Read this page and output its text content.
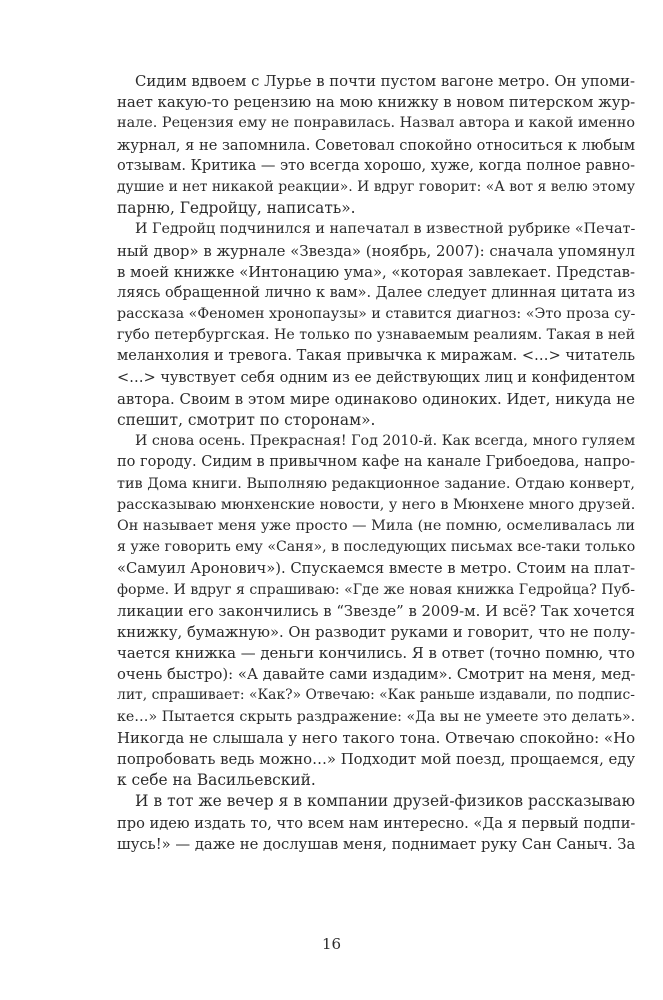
Сидим вдвоем с Лурье в почти пустом вагоне метро. Он упоми-
нает какую-то рецензию на мою книжку в новом питерском жур-
нале. Рецензия ему не понравилась. Назвал автора и какой именно
журнал, я не запомнила. Советовал спокойно относиться к любым
отзывам. Критика — это всегда хорошо, хуже, когда полное равно-
душие и нет никакой реакции». И вдруг говорит: «А вот я велю этому
парню, Гедройцу, написать».
И Гедройц подчинился и напечатал в известной рубрике «Печат-
ный двор» в журнале «Звезда» (ноябрь, 2007): сначала упомянул
в моей книжке «Интонацию ума», «которая завлекает. Представ-
ляясь обращенной лично к вам». Далее следует длинная цитата из
рассказа «Феномен хронопаузы» и ставится диагноз: «Это проза су-
губо петербургская. Не только по узнаваемым реалиям. Такая в ней
меланхолия и тревога. Такая привычка к миражам. <…> читатель
<…> чувствует себя одним из ее действующих лиц и конфидентом
автора. Своим в этом мире одинаково одиноких. Идет, никуда не
спешит, смотрит по сторонам».
И снова осень. Прекрасная! Год 2010-й. Как всегда, много гуляем
по городу. Сидим в привычном кафе на канале Грибоедова, напро-
тив Дома книги. Выполняю редакционное задание. Отдаю конверт,
рассказываю мюнхенские новости, у него в Мюнхене много друзей.
Он называет меня уже просто — Мила (не помню, осмеливалась ли
я уже говорить ему «Саня», в последующих письмах все-таки только
«Самуил Аронович»). Спускаемся вместе в метро. Стоим на плат-
форме. И вдруг я спрашиваю: «Где же новая книжка Гедройца? Пуб-
ликации его закончились в “Звезде” в 2009-м. И всё? Так хочется
книжку, бумажную». Он разводит руками и говорит, что не полу-
чается книжка — деньги кончились. Я в ответ (точно помню, что
очень быстро): «А давайте сами издадим». Смотрит на меня, мед-
лит, спрашивает: «Как?» Отвечаю: «Как раньше издавали, по подпис-
ке…» Пытается скрыть раздражение: «Да вы не умеете это делать».
Никогда не слышала у него такого тона. Отвечаю спокойно: «Но
попробовать ведь можно…» Подходит мой поезд, прощаемся, еду
к себе на Васильевский.
И в тот же вечер я в компании друзей-физиков рассказываю
про идею издать то, что всем нам интересно. «Да я первый подпи-
шусь!» — даже не дослушав меня, поднимает руку Сан Саныч. За
16
